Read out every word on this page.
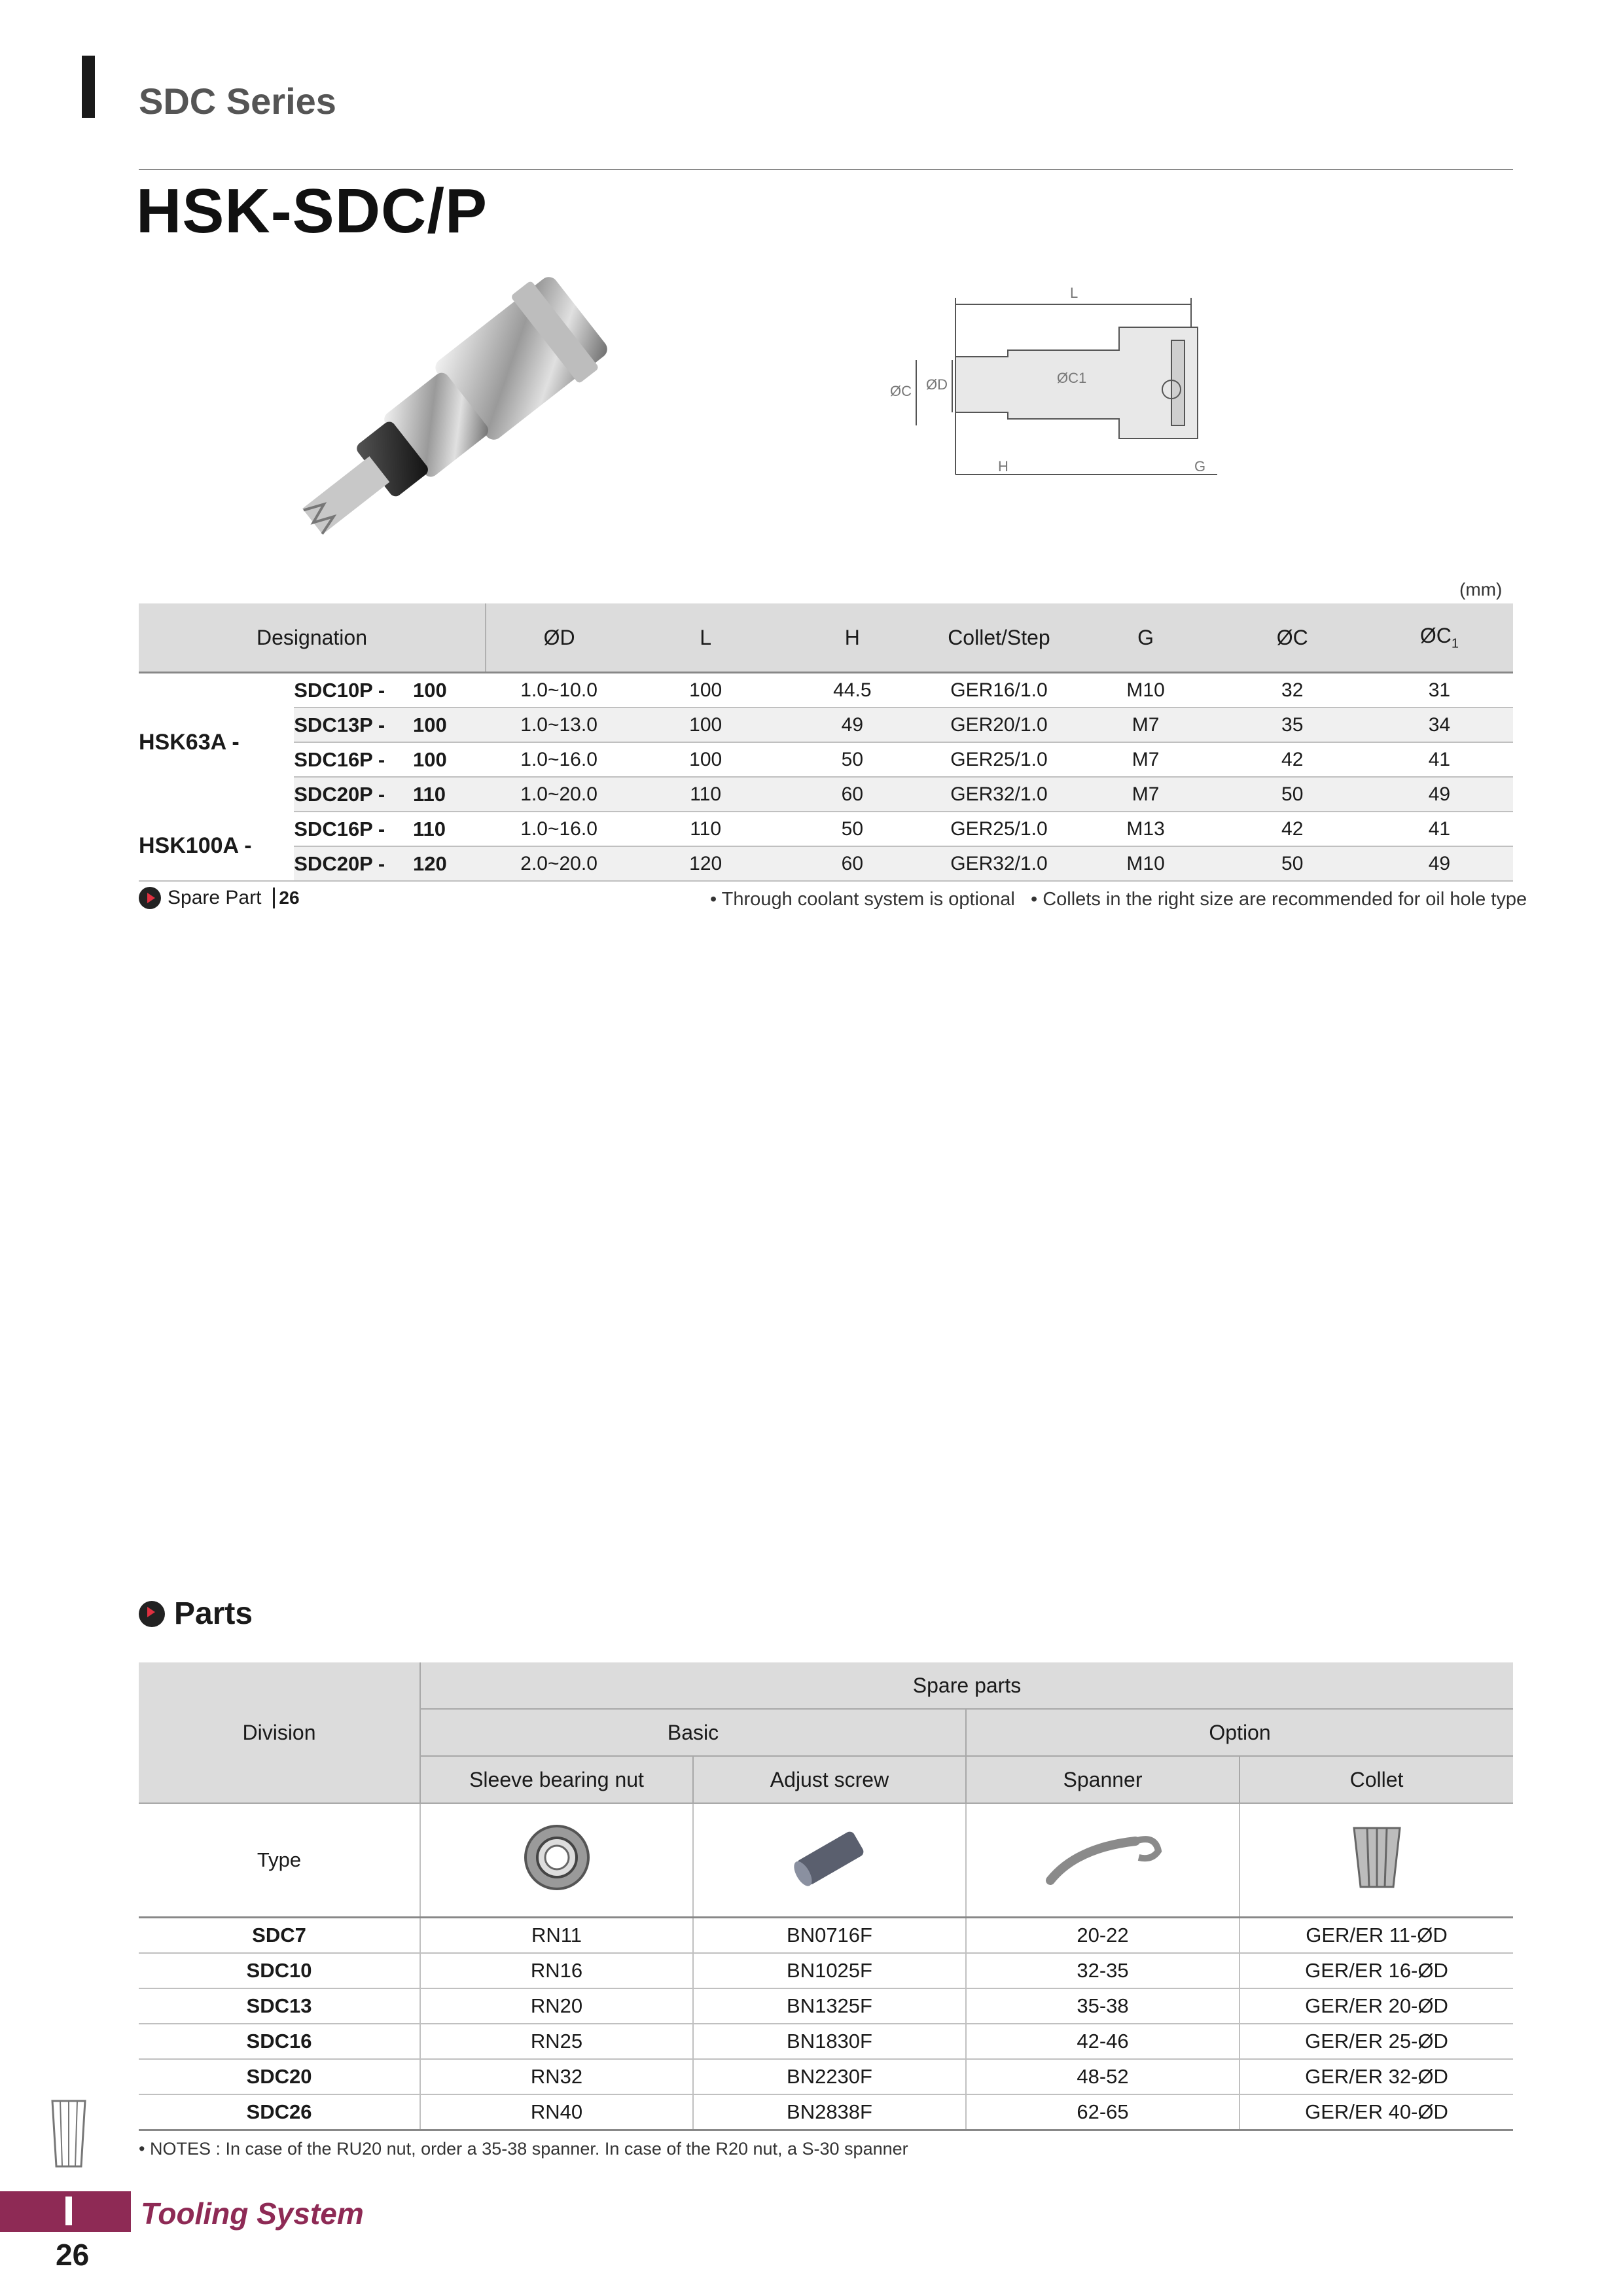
SDC Series
HSK-SDC/P
L
ØC ØD	ØC1
H	G
(mm)
Designation			ØD	L	H	Collet/Step	G	ØC	$ØC_1$
HSK63A -	SDC10P -	100	1.0~10.0	100	44.5	GER16/1.0	M10	32	31
	SDC13P -	100	1.0~13.0	100	49	GER20/1.0	M7	35	34
	SDC16P -	100	1.0~16.0	100	50	GER25/1.0	M7	42	41
	SDC20P -	110	1.0~20.0	110	60	GER32/1.0	M7	50	49
HSK100A -	SDC16P -	110	1.0~16.0	110	50	GER25/1.0	M13	42	41
	SDC20P -	120	2.0~20.0	120	60	GER32/1.0	M10	50	49
Spare Part 26	• Through coolant system is optional • Collets in the right size are recommended for oil hole type
Parts
Division	Spare parts			
	Basic		Option	
	Sleeve bearing nut	Adjust screw	Spanner	Collet
Type				
SDC7	RN11	BN0716F	20-22	GER/ER 11-ØD
SDC10	RN16	BN1025F	32-35	GER/ER 16-ØD
SDC13	RN20	BN1325F	35-38	GER/ER 20-ØD
SDC16	RN25	BN1830F	42-46	GER/ER 25-ØD
SDC20	RN32	BN2230F	48-52	GER/ER 32-ØD
SDC26	RN40	BN2838F	62-65	GER/ER 40-ØD
• NOTES : In case of the RU20 nut, order a 35-38 spanner. In case of the R20 nut, a S-30 spanner
Tooling System
26
